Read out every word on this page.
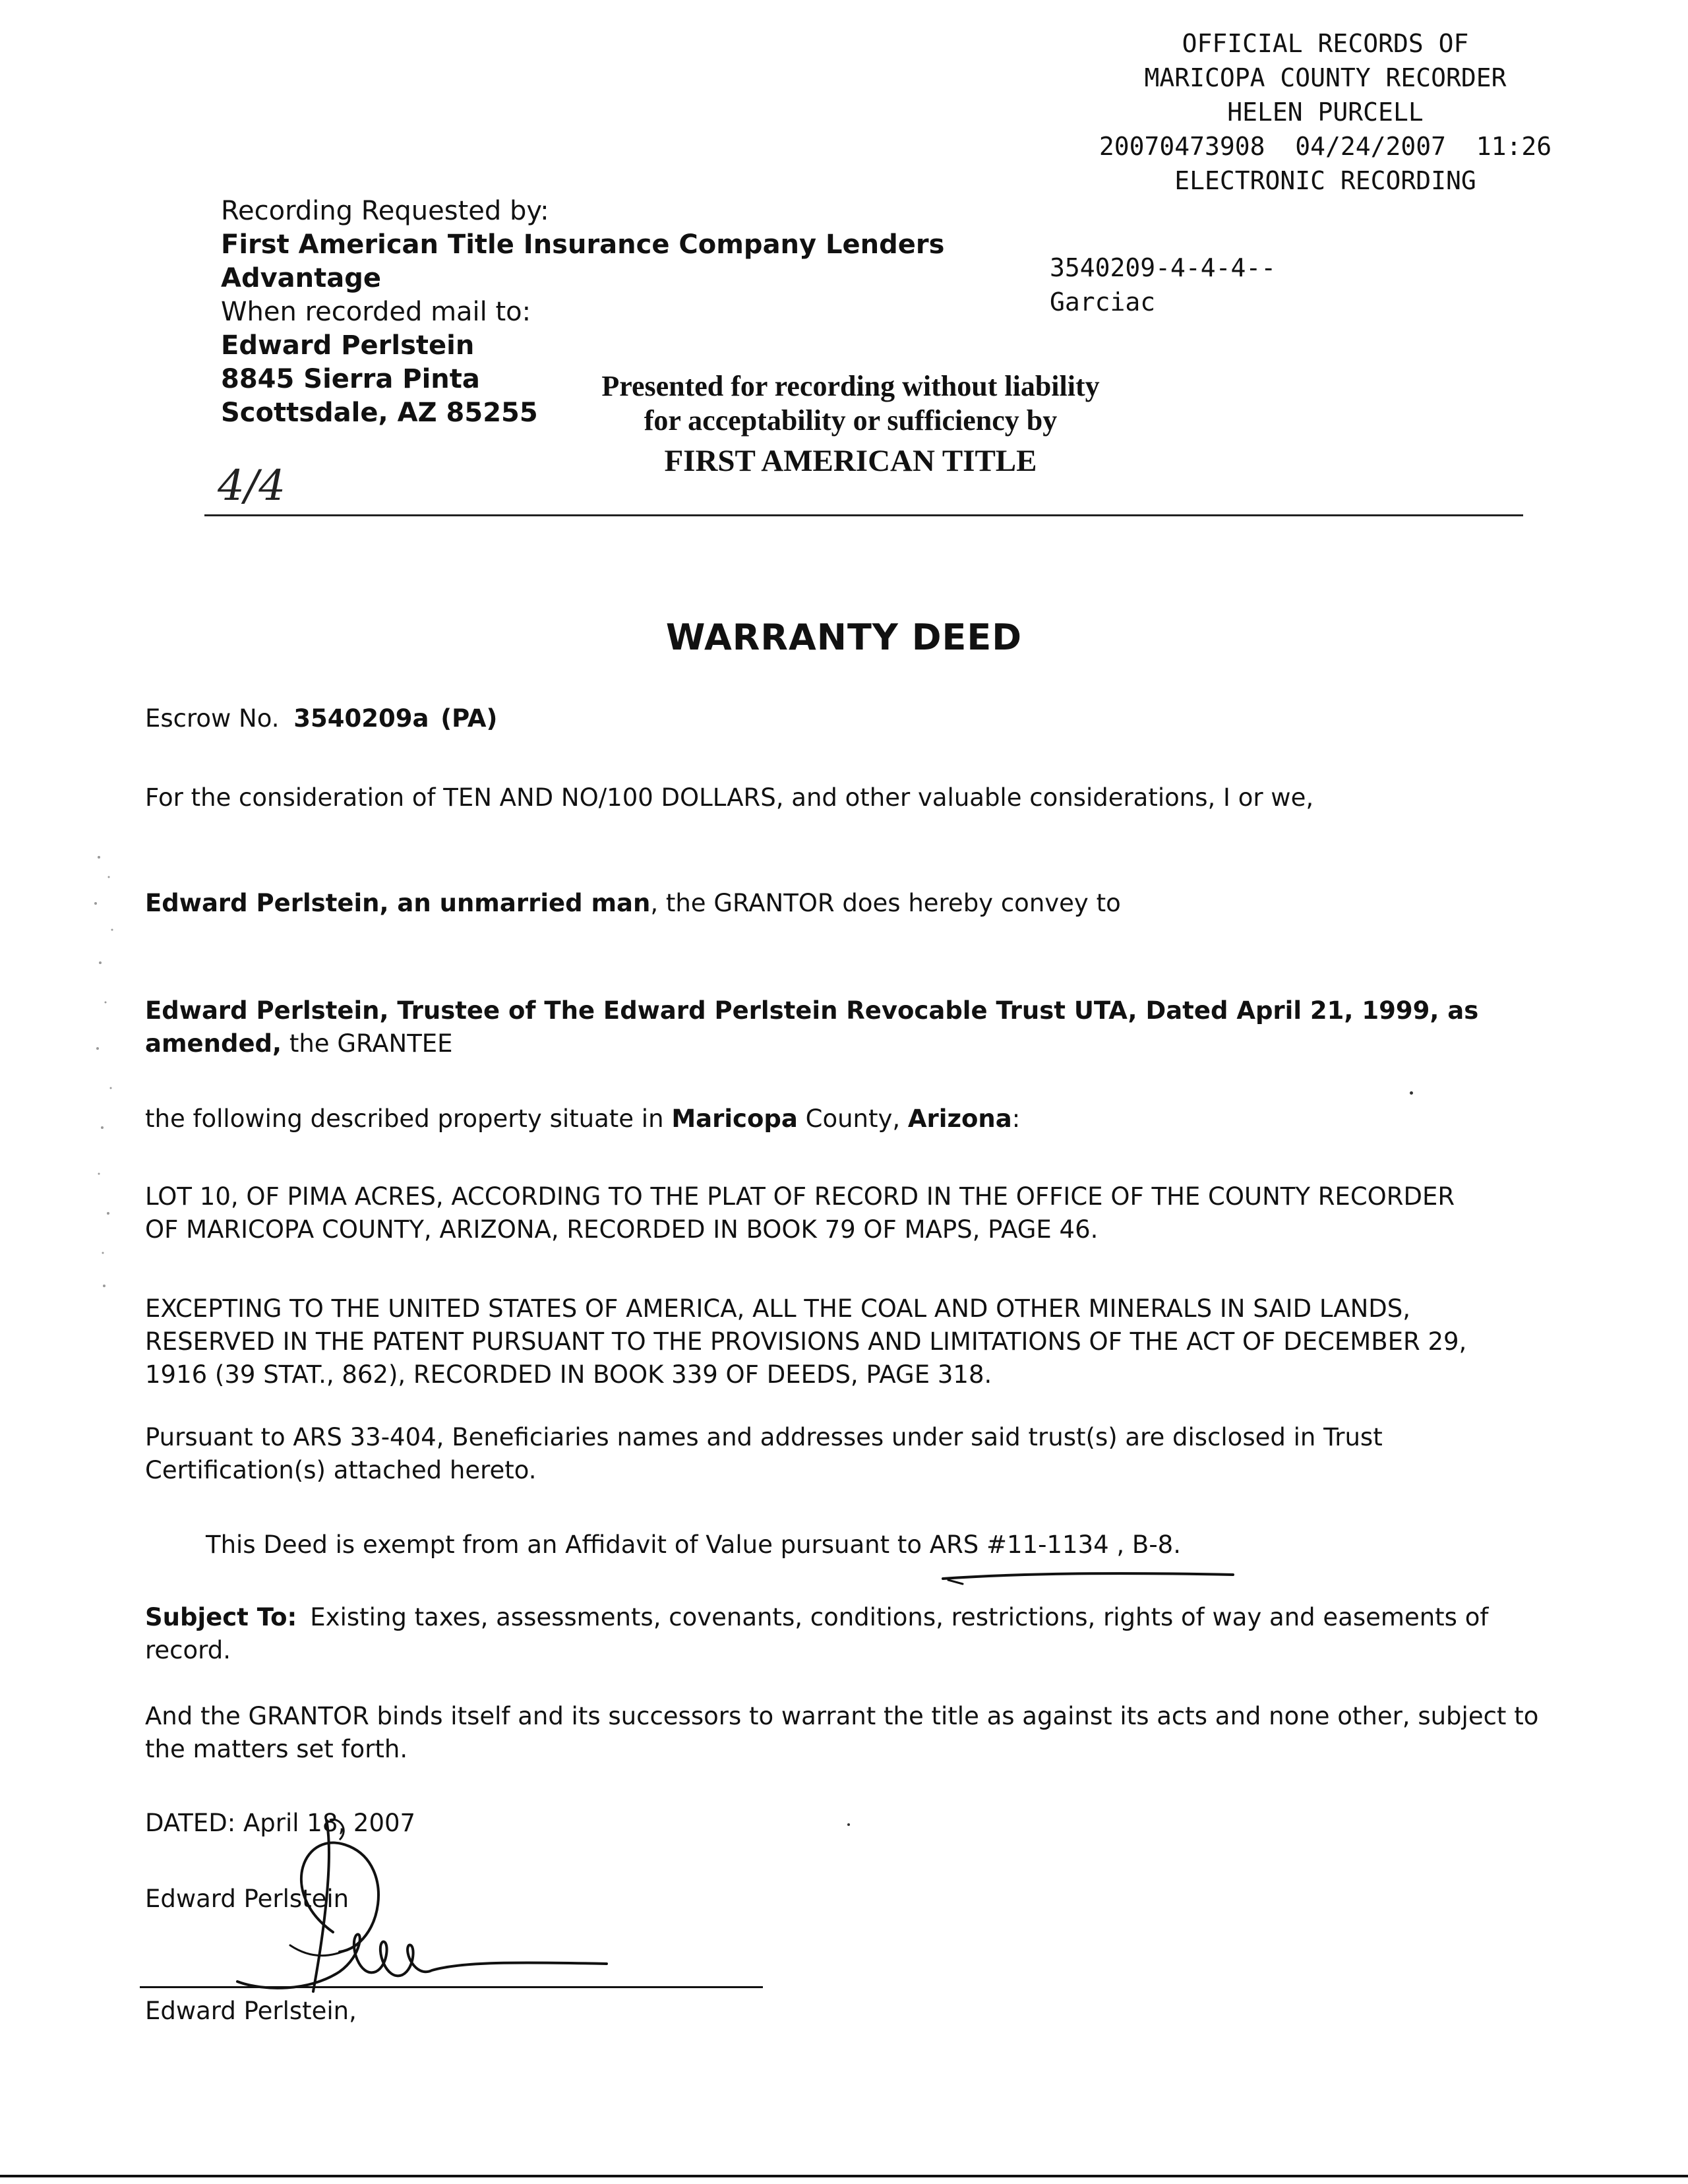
OFFICIAL RECORDS OF
MARICOPA COUNTY RECORDER
HELEN PURCELL
20070473908  04/24/2007  11:26
ELECTRONIC RECORDING
3540209-4-4-4--
Garciac
Recording Requested by:
First American Title Insurance Company Lenders
Advantage
When recorded mail to:
Edward Perlstein
8845 Sierra Pinta
Scottsdale, AZ 85255
Presented for recording without liability
for acceptability or sufficiency by
FIRST AMERICAN TITLE
4/4
WARRANTY DEED
Escrow No. 3540209a (PA)
For the consideration of TEN AND NO/100 DOLLARS, and other valuable considerations, I or we,
Edward Perlstein, an unmarried man, the GRANTOR does hereby convey to
Edward Perlstein, Trustee of The Edward Perlstein Revocable Trust UTA, Dated April 21, 1999, as
amended, the GRANTEE
the following described property situate in Maricopa County, Arizona:
LOT 10, OF PIMA ACRES, ACCORDING TO THE PLAT OF RECORD IN THE OFFICE OF THE COUNTY RECORDER
OF MARICOPA COUNTY, ARIZONA, RECORDED IN BOOK 79 OF MAPS, PAGE 46.
EXCEPTING TO THE UNITED STATES OF AMERICA, ALL THE COAL AND OTHER MINERALS IN SAID LANDS,
RESERVED IN THE PATENT PURSUANT TO THE PROVISIONS AND LIMITATIONS OF THE ACT OF DECEMBER 29,
1916 (39 STAT., 862), RECORDED IN BOOK 339 OF DEEDS, PAGE 318.
Pursuant to ARS 33-404, Beneficiaries names and addresses under said trust(s) are disclosed in Trust
Certification(s) attached hereto.
This Deed is exempt from an Affidavit of Value pursuant to ARS #11-1134 , B-8.
Subject To: Existing taxes, assessments, covenants, conditions, restrictions, rights of way and easements of
record.
And the GRANTOR binds itself and its successors to warrant the title as against its acts and none other, subject to
the matters set forth.
DATED: April 18, 2007
Edward Perlstein
Edward Perlstein,
